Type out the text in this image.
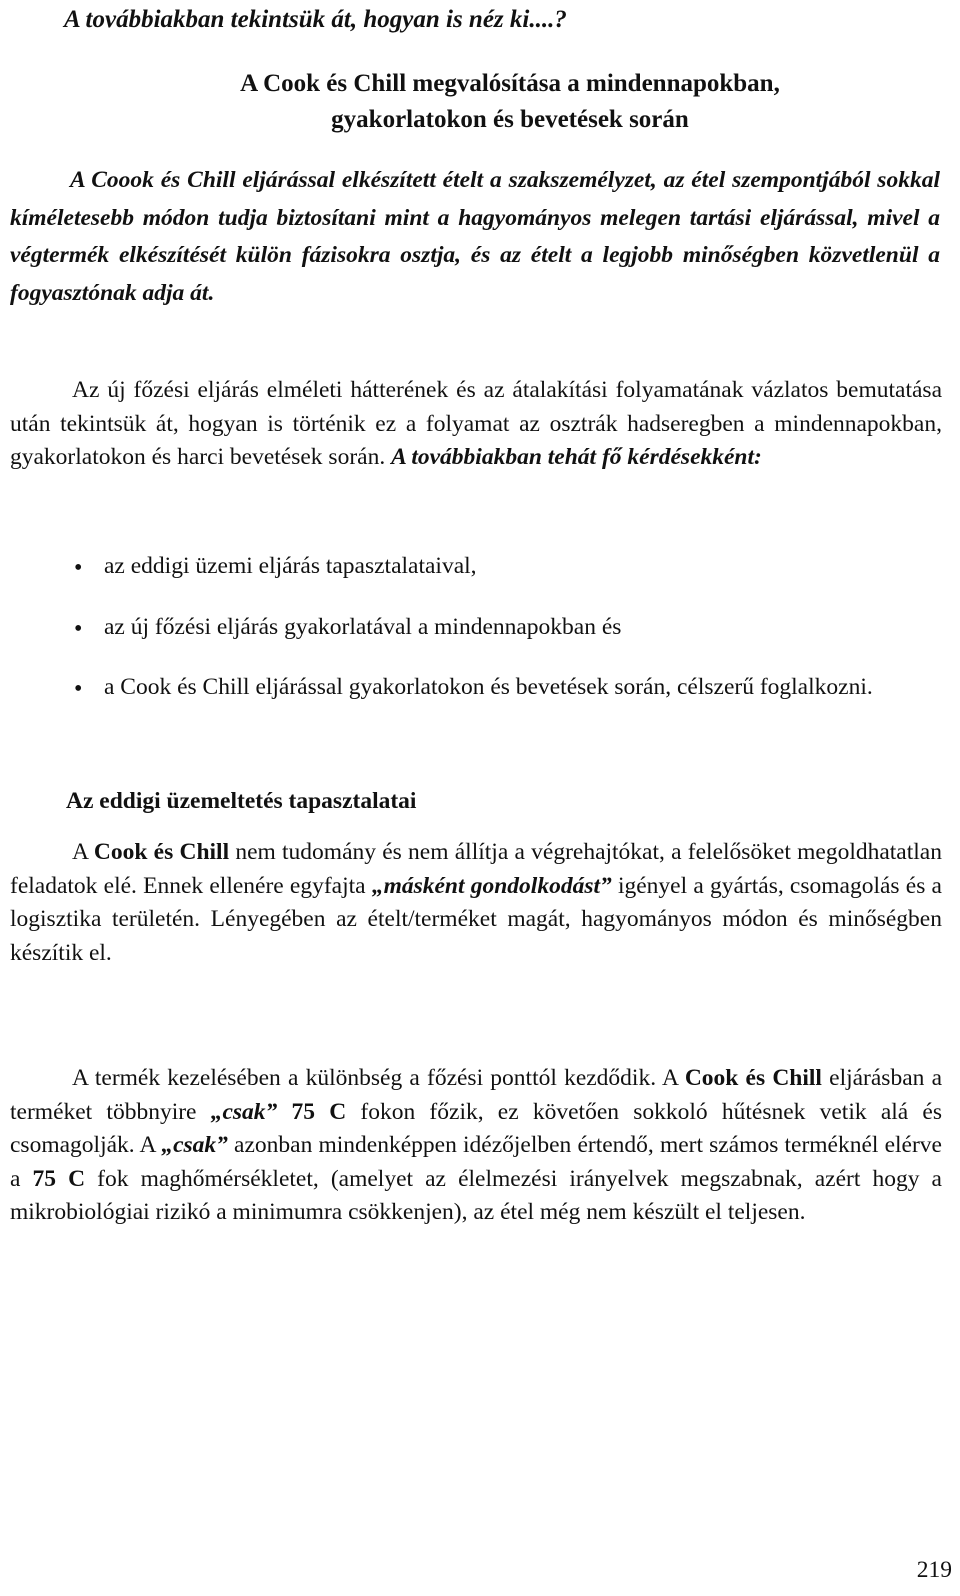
A továbbiakban tekintsük át, hogyan is néz ki....?
A Cook és Chill megvalósítása a mindennapokban,
gyakorlatokon és bevetések során
A Coook és Chill eljárással elkészített ételt a szakszemélyzet, az étel szempontjából sokkal kíméletesebb módon tudja biztosítani mint a hagyományos melegen tartási eljárással, mivel a végtermék elkészítését külön fázisokra osztja, és az ételt a legjobb minőségben közvetlenül a fogyasztónak adja át.
Az új főzési eljárás elméleti hátterének és az átalakítási folyamatának vázlatos bemutatása után tekintsük át, hogyan is történik ez a folyamat az osztrák hadseregben a mindennapokban, gyakorlatokon és harci bevetések során. A továbbiakban tehát fő kérdésekként:
• az eddigi üzemi eljárás tapasztalataival,
• az új főzési eljárás gyakorlatával a mindennapokban és
• a Cook és Chill eljárással gyakorlatokon és bevetések során, célszerű foglalkozni.
Az eddigi üzemeltetés tapasztalatai
A Cook és Chill nem tudomány és nem állítja a végrehajtókat, a felelősöket megoldhatatlan feladatok elé. Ennek ellenére egyfajta „másként gondolkodást” igényel a gyártás, csomagolás és a logisztika területén. Lényegében az ételt/terméket magát, hagyományos módon és minőségben készítik el.
A termék kezelésében a különbség a főzési ponttól kezdődik. A Cook és Chill eljárásban a terméket többnyire „csak” 75 C fokon főzik, ez követően sokkoló hűtésnek vetik alá és csomagolják. A „csak” azonban mindenképpen idézőjelben értendő, mert számos terméknél elérve a 75 C fok maghőmérsékletet, (amelyet az élelmezési irányelvek megszabnak, azért hogy a mikrobiológiai rizikó a minimumra csökkenjen), az étel még nem készült el teljesen.
219
